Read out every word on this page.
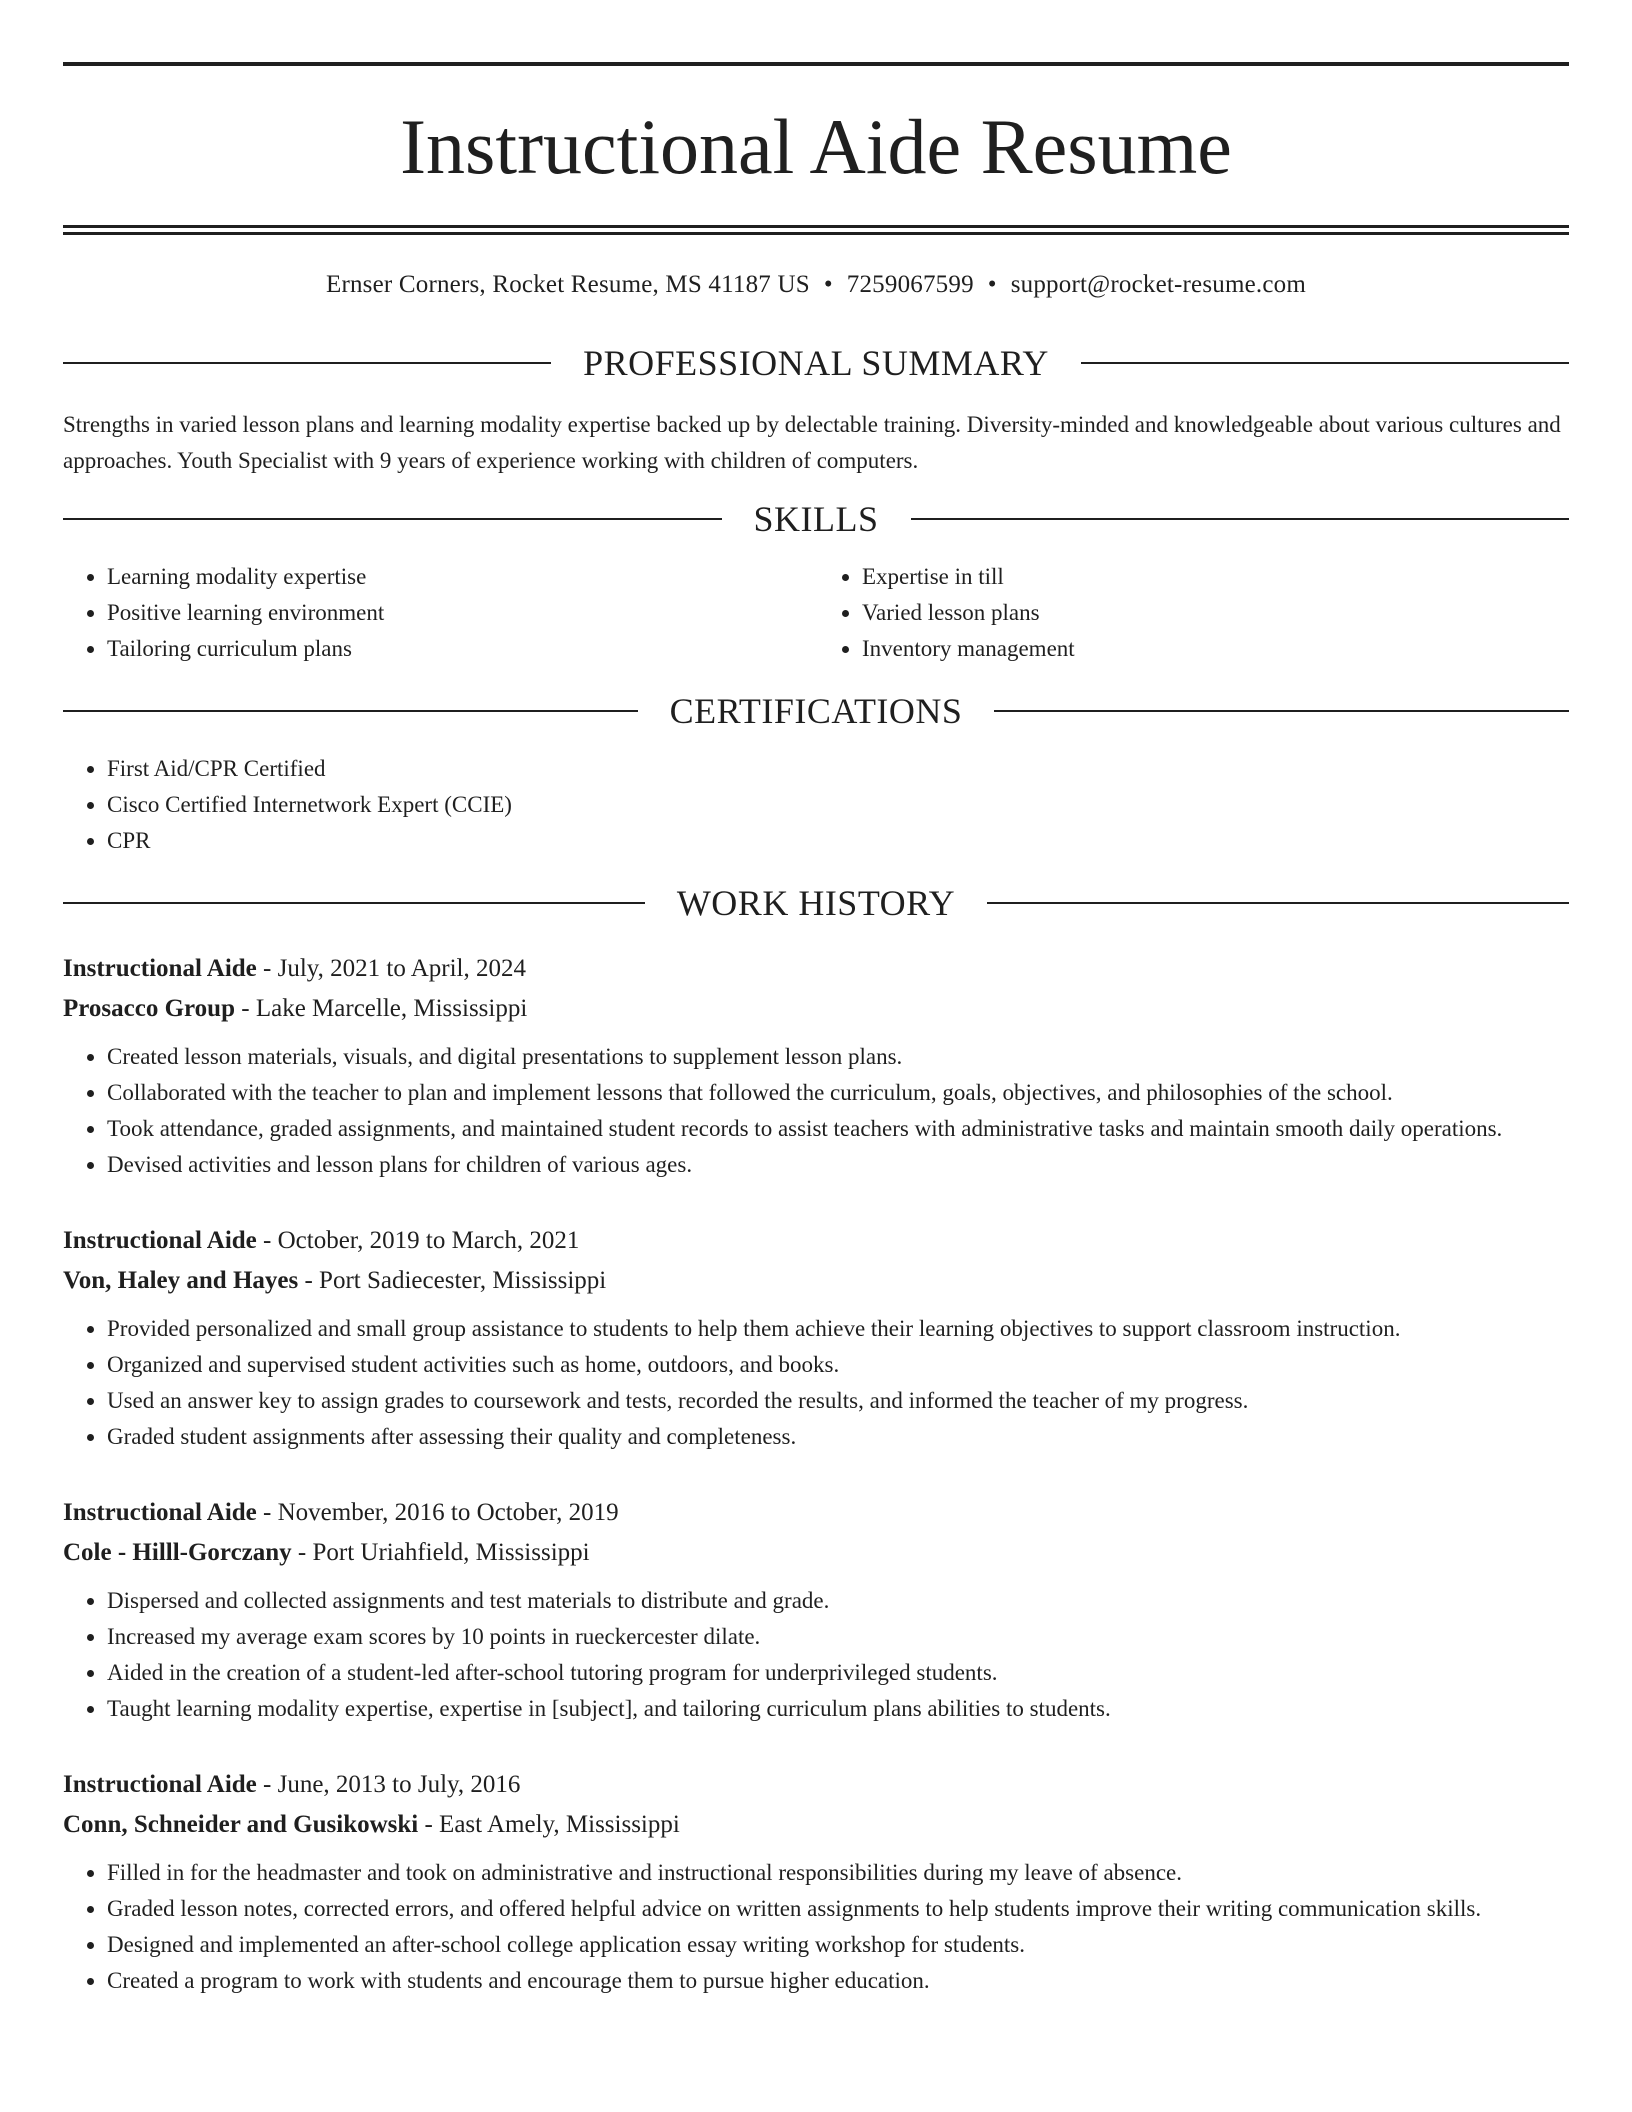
Instructional Aide Resume
Ernser Corners, Rocket Resume, MS 41187 US • 7259067599 • support@rocket-resume.com
PROFESSIONAL SUMMARY

Strengths in varied lesson plans and learning modality expertise backed up by delectable training. Diversity-minded and knowledgeable about various cultures and approaches. Youth Specialist with 9 years of experience working with children of computers.

SKILLS
• Learning modality expertise
• Positive learning environment
• Tailoring curriculum plans
• Expertise in till
• Varied lesson plans
• Inventory management
CERTIFICATIONS
• First Aid/CPR Certified
• Cisco Certified Internetwork Expert (CCIE)
• CPR
WORK HISTORY
Instructional Aide - July, 2021 to April, 2024
Prosacco Group - Lake Marcelle, Mississippi
• Created lesson materials, visuals, and digital presentations to supplement lesson plans.
• Collaborated with the teacher to plan and implement lessons that followed the curriculum, goals, objectives, and philosophies of the school.
• Took attendance, graded assignments, and maintained student records to assist teachers with administrative tasks and maintain smooth daily operations.
• Devised activities and lesson plans for children of various ages.
Instructional Aide - October, 2019 to March, 2021
Von, Haley and Hayes - Port Sadiecester, Mississippi
• Provided personalized and small group assistance to students to help them achieve their learning objectives to support classroom instruction.
• Organized and supervised student activities such as home, outdoors, and books.
• Used an answer key to assign grades to coursework and tests, recorded the results, and informed the teacher of my progress.
• Graded student assignments after assessing their quality and completeness.
Instructional Aide - November, 2016 to October, 2019
Cole - Hilll-Gorczany - Port Uriahfield, Mississippi
• Dispersed and collected assignments and test materials to distribute and grade.
• Increased my average exam scores by 10 points in rueckercester dilate.
• Aided in the creation of a student-led after-school tutoring program for underprivileged students.
• Taught learning modality expertise, expertise in [subject], and tailoring curriculum plans abilities to students.
Instructional Aide - June, 2013 to July, 2016
Conn, Schneider and Gusikowski - East Amely, Mississippi
• Filled in for the headmaster and took on administrative and instructional responsibilities during my leave of absence.
• Graded lesson notes, corrected errors, and offered helpful advice on written assignments to help students improve their writing communication skills.
• Designed and implemented an after-school college application essay writing workshop for students.
• Created a program to work with students and encourage them to pursue higher education.
